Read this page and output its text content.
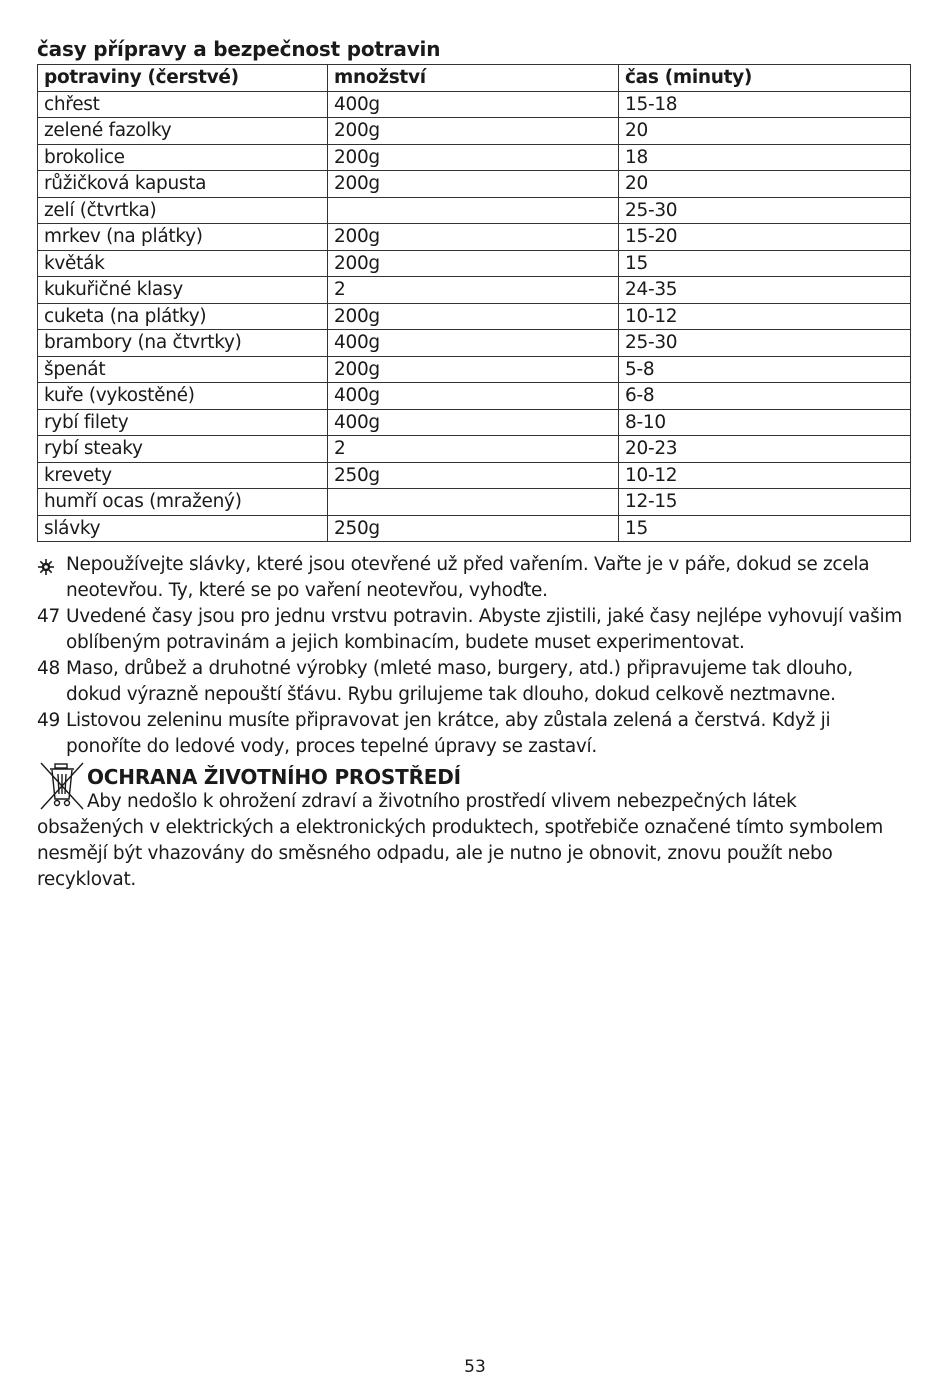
časy přípravy a bezpečnost potravin
potraviny (čerstvé)	množství	čas (minuty)
chřest	400g	15-18
zelené fazolky	200g	20
brokolice	200g	18
růžičková kapusta	200g	20
zelí (čtvrtka)		25-30
mrkev (na plátky)	200g	15-20
květák	200g	15
kukuřičné klasy	2	24-35
cuketa (na plátky)	200g	10-12
brambory (na čtvrtky)	400g	25-30
špenát	200g	5-8
kuře (vykostěné)	400g	6-8
rybí filety	400g	8-10
rybí steaky	2	20-23
krevety	250g	10-12
humří ocas (mražený)		12-15
slávky	250g	15
Nepoužívejte slávky, které jsou otevřené už před vařením. Vařte je v páře, dokud se zcela neotevřou. Ty, které se po vaření neotevřou, vyhoďte.
47 Uvedené časy jsou pro jednu vrstvu potravin. Abyste zjistili, jaké časy nejlépe vyhovují vašim oblíbeným potravinám a jejich kombinacím, budete muset experimentovat.
48 Maso, drůbež a druhotné výrobky (mleté maso, burgery, atd.) připravujeme tak dlouho, dokud výrazně nepouští šťávu. Rybu grilujeme tak dlouho, dokud celkově neztmavne.
49 Listovou zeleninu musíte připravovat jen krátce, aby zůstala zelená a čerstvá. Když ji ponoříte do ledové vody, proces tepelné úpravy se zastaví.
OCHRANA ŽIVOTNÍHO PROSTŘEDÍ
Aby nedošlo k ohrožení zdraví a životního prostředí vlivem nebezpečných látek
obsažených v elektrických a elektronických produktech, spotřebiče označené tímto symbolem nesmějí být vhazovány do směsného odpadu, ale je nutno je obnovit, znovu použít nebo recyklovat.
53
